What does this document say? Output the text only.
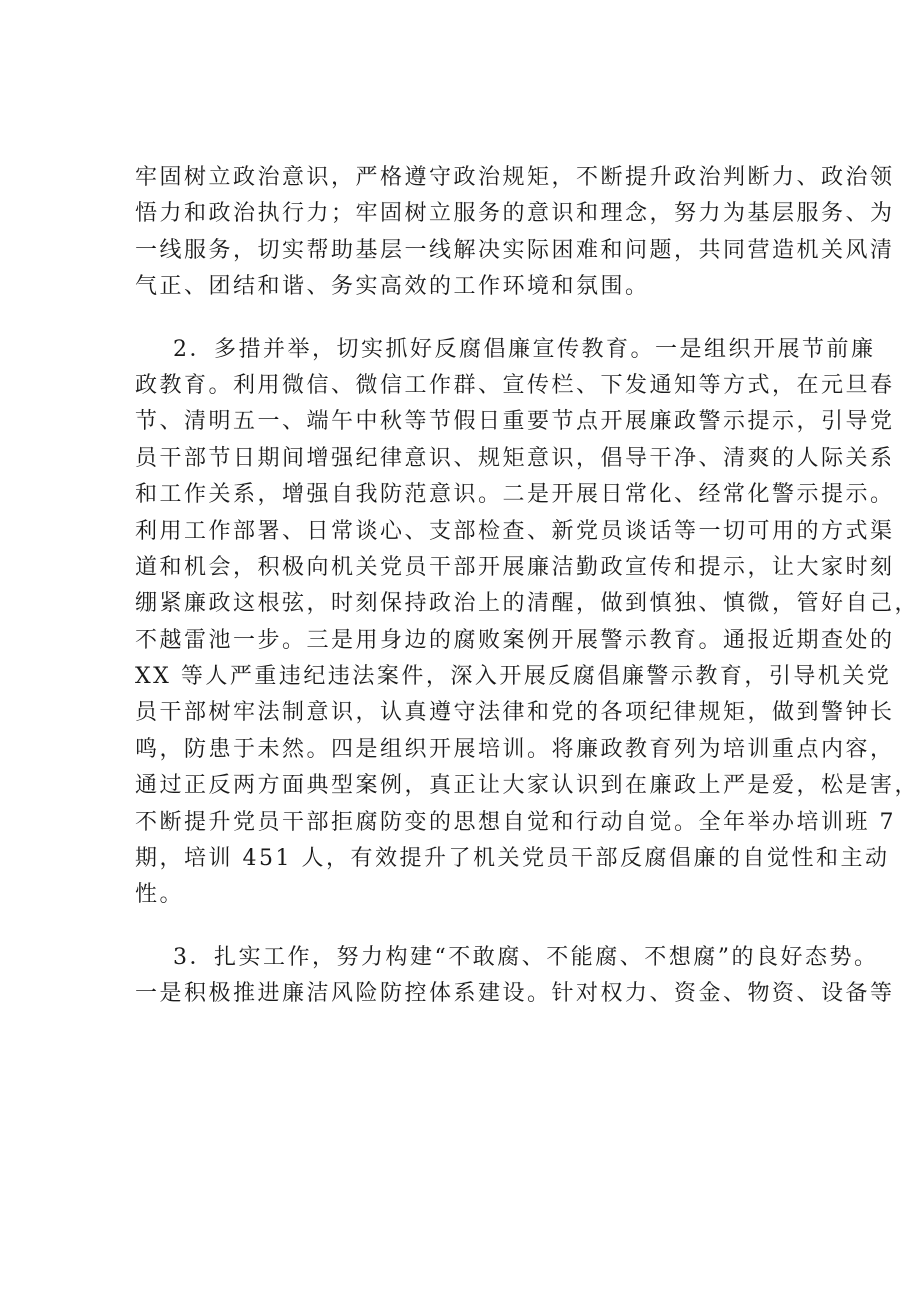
牢固树立政治意识，严格遵守政治规矩，不断提升政治判断力、政治领
悟力和政治执行力；牢固树立服务的意识和理念，努力为基层服务、为
一线服务，切实帮助基层一线解决实际困难和问题，共同营造机关风清
气正、团结和谐、务实高效的工作环境和氛围。
2．多措并举，切实抓好反腐倡廉宣传教育。一是组织开展节前廉
政教育。利用微信、微信工作群、宣传栏、下发通知等方式，在元旦春
节、清明五一、端午中秋等节假日重要节点开展廉政警示提示，引导党
员干部节日期间增强纪律意识、规矩意识，倡导干净、清爽的人际关系
和工作关系，增强自我防范意识。二是开展日常化、经常化警示提示。
利用工作部署、日常谈心、支部检查、新党员谈话等一切可用的方式渠
道和机会，积极向机关党员干部开展廉洁勤政宣传和提示，让大家时刻
绷紧廉政这根弦，时刻保持政治上的清醒，做到慎独、慎微，管好自己，
不越雷池一步。三是用身边的腐败案例开展警示教育。通报近期查处的
XX 等人严重违纪违法案件，深入开展反腐倡廉警示教育，引导机关党
员干部树牢法制意识，认真遵守法律和党的各项纪律规矩，做到警钟长
鸣，防患于未然。四是组织开展培训。将廉政教育列为培训重点内容，
通过正反两方面典型案例，真正让大家认识到在廉政上严是爱，松是害，
不断提升党员干部拒腐防变的思想自觉和行动自觉。全年举办培训班 7
期，培训 451 人，有效提升了机关党员干部反腐倡廉的自觉性和主动
性。
3．扎实工作，努力构建“不敢腐、不能腐、不想腐”的良好态势。
一是积极推进廉洁风险防控体系建设。针对权力、资金、物资、设备等
